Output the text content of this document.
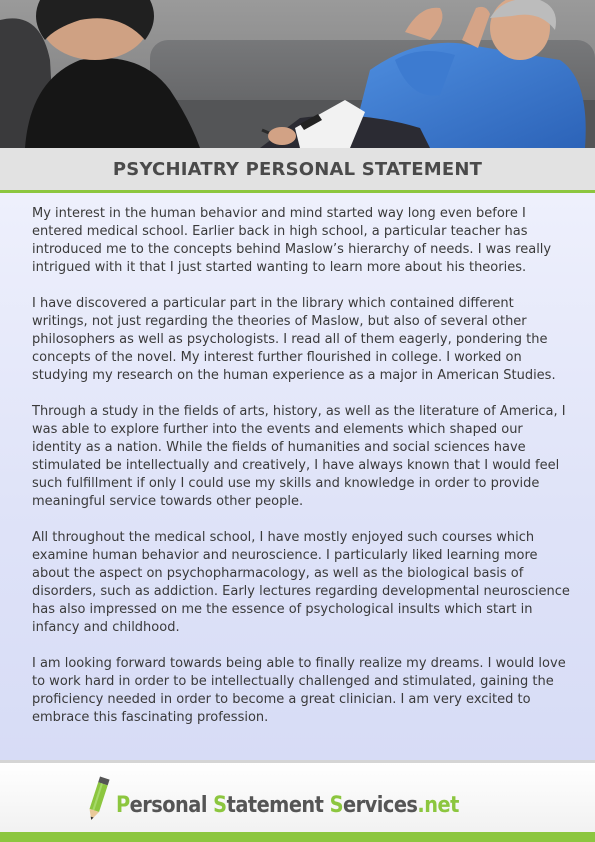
PSYCHIATRY PERSONAL STATEMENT

My interest in the human behavior and mind started way long even before I entered medical school. Earlier back in high school, a particular teacher has introduced me to the concepts behind Maslow’s hierarchy of needs. I was really intrigued with it that I just started wanting to learn more about his theories.

I have discovered a particular part in the library which contained different writings, not just regarding the theories of Maslow, but also of several other philosophers as well as psychologists. I read all of them eagerly, pondering the concepts of the novel. My interest further flourished in college. I worked on studying my research on the human experience as a major in American Studies.

Through a study in the fields of arts, history, as well as the literature of America, I was able to explore further into the events and elements which shaped our identity as a nation. While the fields of humanities and social sciences have stimulated be intellectually and creatively, I have always known that I would feel such fulfillment if only I could use my skills and knowledge in order to provide meaningful service towards other people.

All throughout the medical school, I have mostly enjoyed such courses which examine human behavior and neuroscience. I particularly liked learning more about the aspect on psychopharmacology, as well as the biological basis of disorders, such as addiction. Early lectures regarding developmental neuroscience has also impressed on me the essence of psychological insults which start in infancy and childhood.

I am looking forward towards being able to finally realize my dreams. I would love to work hard in order to be intellectually challenged and stimulated, gaining the proficiency needed in order to become a great clinician. I am very excited to embrace this fascinating profession.

Personal Statement Services.net
